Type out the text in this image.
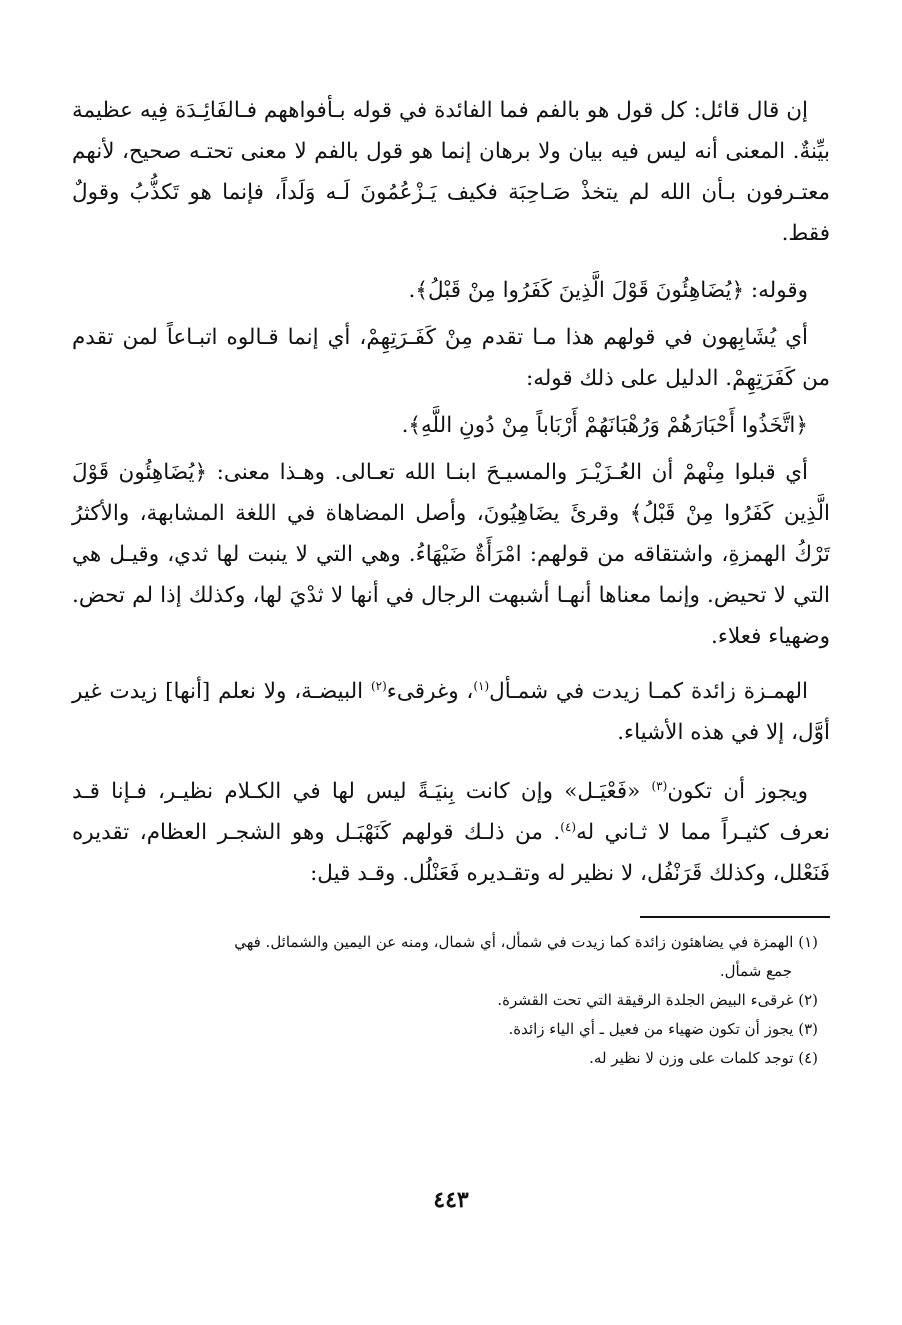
إن قال قائل: كل قول هو بالفم فما الفائدة في قوله بـأفواههم فـالفَائِـدَة فِيه عظيمة بيِّنةٌ. المعنى أنه ليس فيه بيان ولا برهان إنما هو قول بالفم لا معنى تحتـه صحيح، لأنهم معتـرفون بـأن الله لم يتخذْ صَـاحِبَة فكيف يَـزْعُمُونَ لَـه وَلَداً، فإنما هو تَكذُّبُ وقولٌ فقط.

وقوله: ﴿يُضَاهِئُونَ قَوْلَ الَّذِينَ كَفَرُوا مِنْ قَبْلُ﴾.

أي يُشَابِهون في قولهم هذا مـا تقدم مِنْ كَفَـرَتِهِمْ، أي إنما قـالوه اتبـاعاً لمن تقدم من كَفَرَتِهِمْ. الدليل على ذلك قوله:

﴿اتَّخَذُوا أَحْبَارَهُمْ وَرُهْبَانَهُمْ أَرْبَاباً مِنْ دُونِ اللَّهِ﴾.

أي قبلوا مِنْهمْ أن العُـزَيْـرَ والمسيـحَ ابنـا الله تعـالى. وهـذا معنى: ﴿يُضَاهِئُون قَوْلَ الَّذِين كَفَرُوا مِنْ قَبْلُ﴾ وقرئَ يضَاهِيُونَ، وأصل المضاهاة في اللغة المشابهة، والأكثرُ تَرْكُ الهمزةِ، واشتقاقه من قولهم: امْرَأَةٌ ضَيْهَاءُ. وهي التي لا ينبت لها ثدي، وقيـل هي التي لا تحيض. وإنما معناها أنهـا أشبهت الرجال في أنها لا ثدْيَ لها، وكذلك إذا لم تحض. وضهياء فعلاء.

الهمـزة زائدة كمـا زيدت في شمـأل$^{(١)}$، وغرقىء$^{(٢)}$ البيضـة، ولا نعلم [أنها] زيدت غير أوَّل، إلا في هذه الأشياء.

ويجوز أن تكون$^{(٣)}$ «فَعْيَـل» وإن كانت بِنيَـةً ليس لها في الكـلام نظيـر، فـإنا قـد نعرف كثيـراً مما لا ثـاني له$^{(٤)}$. من ذلـك قولهم كَنَهْبَـل وهو الشجـر العظام، تقديره فَنَعْلل، وكذلك قَرَنْفُل، لا نظير له وتقـديره فَعَنْلُل. وقـد قيل:

(١) الهمزة في يضاهئون زائدة كما زيدت في شمأل، أي شمال، ومنه عن اليمين والشمائل. فهي
جمع شمأل.

(٢) غرقىء البيض الجلدة الرقيقة التي تحت القشرة.

(٣) يجوز أن تكون ضهياء من فعيل ـ أي الياء زائدة.

(٤) توجد كلمات على وزن لا نظير له.

٤٤٣
